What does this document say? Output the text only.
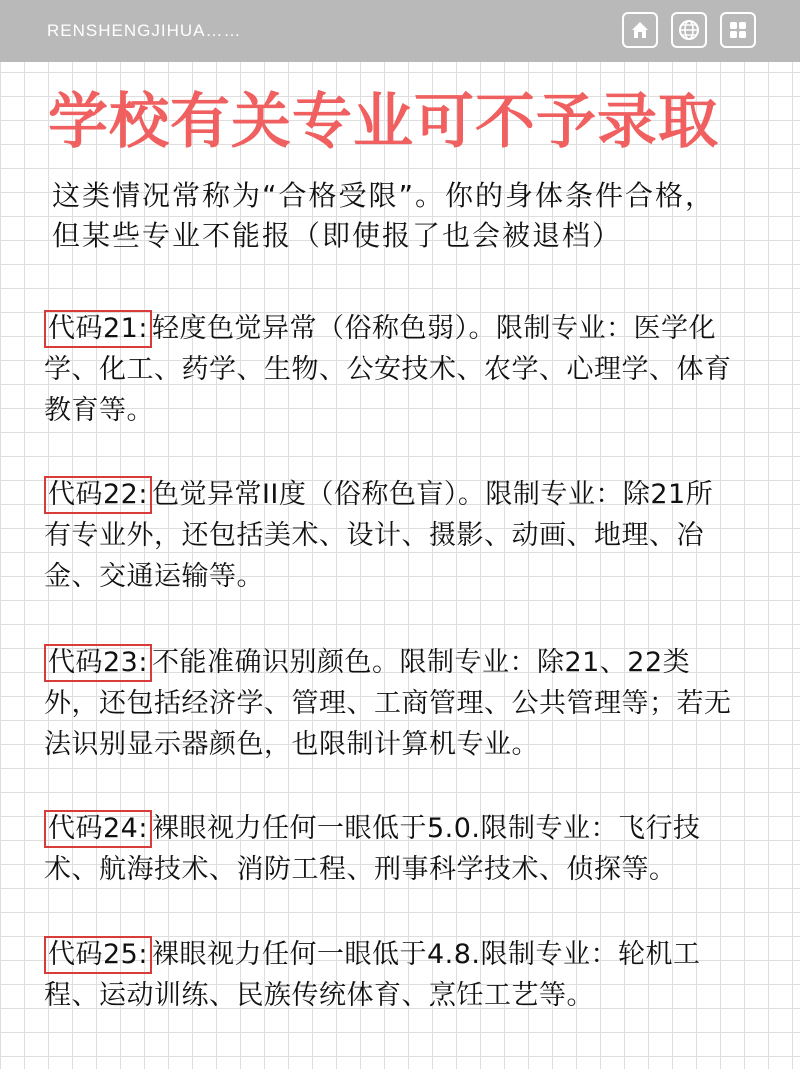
RENSHENGJIHUA……
学校有关专业可不予录取
这类情况常称为“合格受限”。你的身体条件合格，但某些专业不能报（即使报了也会被退档）
代码21: 轻度色觉异常（俗称色弱）。限制专业：医学化学、化工、药学、生物、公安技术、农学、心理学、体育教育等。
代码22: 色觉异常II度（俗称色盲）。限制专业：除21所有专业外，还包括美术、设计、摄影、动画、地理、冶金、交通运输等。
代码23: 不能准确识别颜色。限制专业：除21、22类外，还包括经济学、管理、工商管理、公共管理等；若无法识别显示器颜色，也限制计算机专业。
代码24: 裸眼视力任何一眼低于5.0.限制专业：飞行技术、航海技术、消防工程、刑事科学技术、侦探等。
代码25: 裸眼视力任何一眼低于4.8.限制专业：轮机工程、运动训练、民族传统体育、烹饪工艺等。
